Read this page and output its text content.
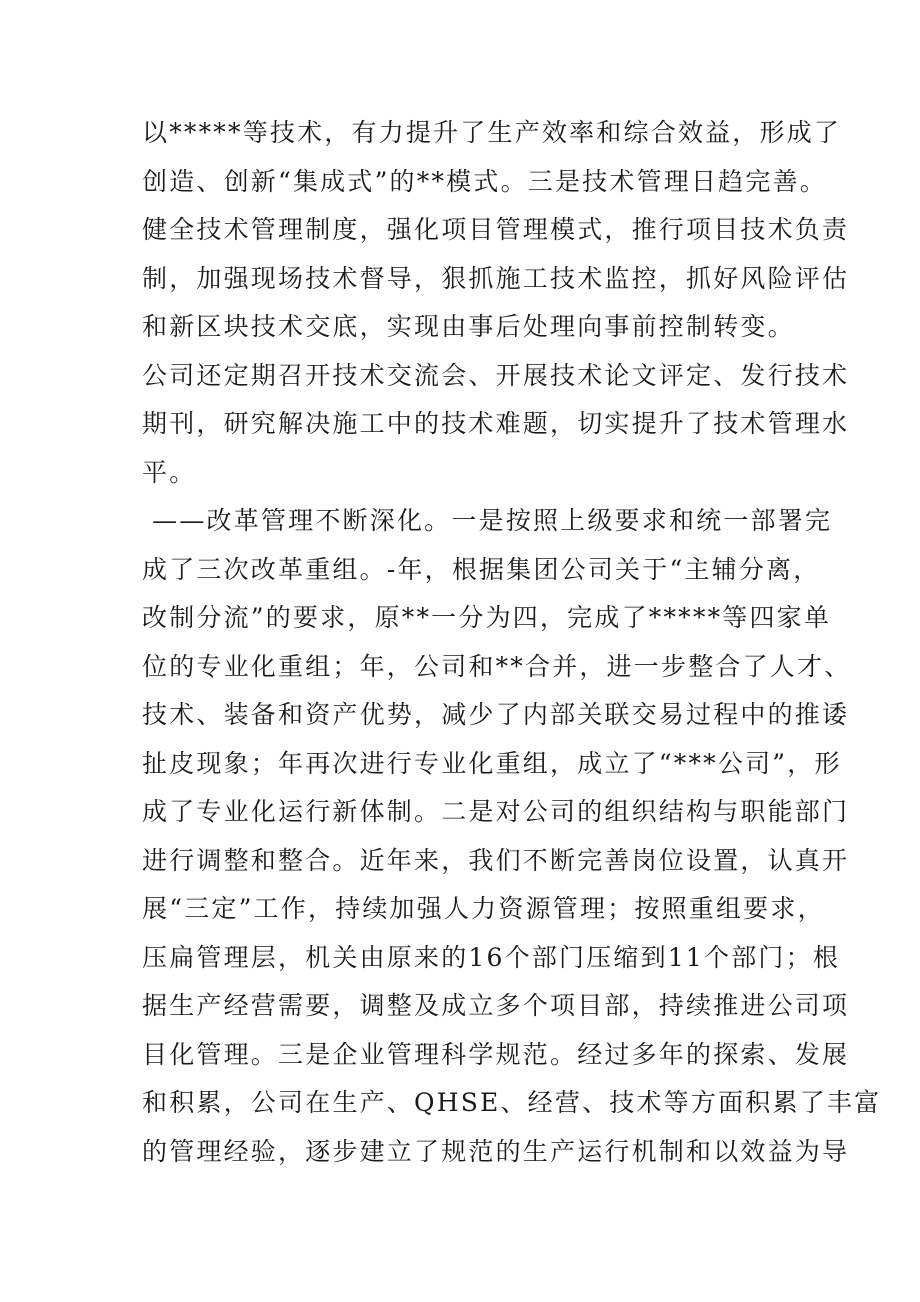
以*****等技术，有力提升了生产效率和综合效益，形成了
创造、创新“集成式”的**模式。三是技术管理日趋完善。
健全技术管理制度，强化项目管理模式，推行项目技术负责
制，加强现场技术督导，狠抓施工技术监控，抓好风险评估
和新区块技术交底，实现由事后处理向事前控制转变。
公司还定期召开技术交流会、开展技术论文评定、发行技术
期刊，研究解决施工中的技术难题，切实提升了技术管理水
平。
——改革管理不断深化。一是按照上级要求和统一部署完
成了三次改革重组。-年，根据集团公司关于“主辅分离，
改制分流”的要求，原**一分为四，完成了*****等四家单
位的专业化重组；年，公司和**合并，进一步整合了人才、
技术、装备和资产优势，减少了内部关联交易过程中的推诿
扯皮现象；年再次进行专业化重组，成立了“***公司”，形
成了专业化运行新体制。二是对公司的组织结构与职能部门
进行调整和整合。近年来，我们不断完善岗位设置，认真开
展“三定”工作，持续加强人力资源管理；按照重组要求，
压扁管理层，机关由原来的16个部门压缩到11个部门；根
据生产经营需要，调整及成立多个项目部，持续推进公司项
目化管理。三是企业管理科学规范。经过多年的探索、发展
和积累，公司在生产、QHSE、经营、技术等方面积累了丰富
的管理经验，逐步建立了规范的生产运行机制和以效益为导
